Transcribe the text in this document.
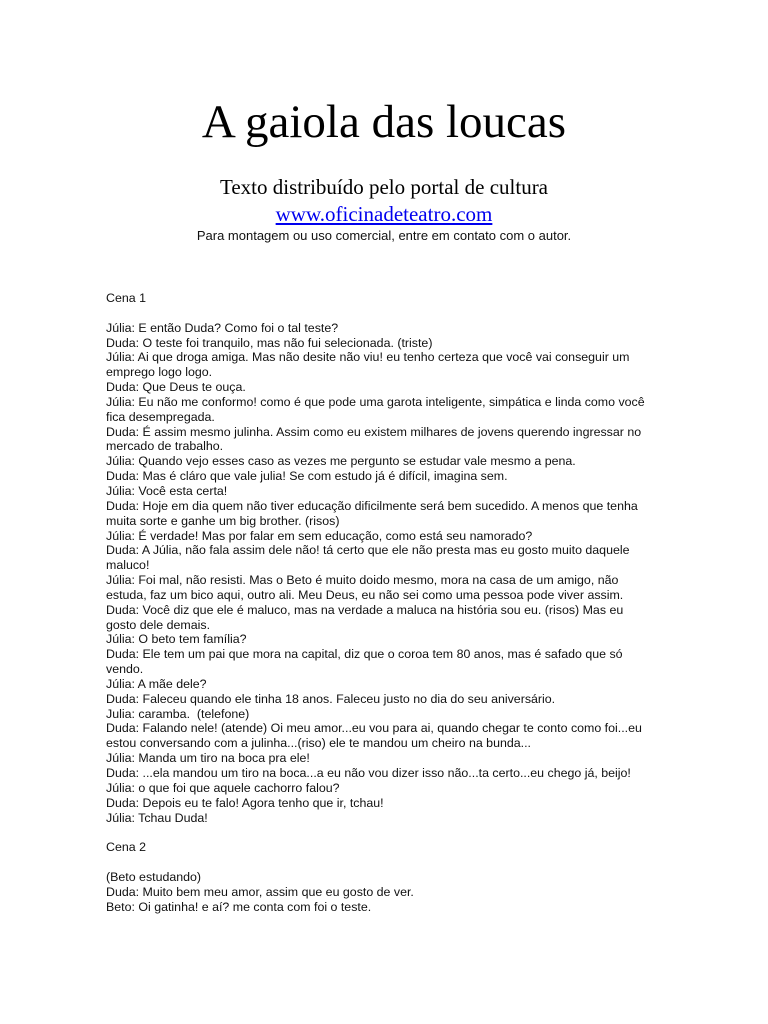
A gaiola das loucas
Texto distribuído pelo portal de cultura
www.oficinadeteatro.com
Para montagem ou uso comercial, entre em contato com o autor.
Cena 1
Júlia: E então Duda? Como foi o tal teste?
Duda: O teste foi tranquilo, mas não fui selecionada. (triste)
Júlia: Ai que droga amiga. Mas não desite não viu! eu tenho certeza que você vai conseguir um
emprego logo logo.
Duda: Que Deus te ouça.
Júlia: Eu não me conformo! como é que pode uma garota inteligente, simpática e linda como você
fica desempregada.
Duda: É assim mesmo julinha. Assim como eu existem milhares de jovens querendo ingressar no
mercado de trabalho.
Júlia: Quando vejo esses caso as vezes me pergunto se estudar vale mesmo a pena.
Duda: Mas é cláro que vale julia! Se com estudo já é difícil, imagina sem.
Júlia: Você esta certa!
Duda: Hoje em dia quem não tiver educação dificilmente será bem sucedido. A menos que tenha
muita sorte e ganhe um big brother. (risos)
Júlia: É verdade! Mas por falar em sem educação, como está seu namorado?
Duda: A Júlia, não fala assim dele não! tá certo que ele não presta mas eu gosto muito daquele
maluco!
Júlia: Foi mal, não resisti. Mas o Beto é muito doido mesmo, mora na casa de um amigo, não
estuda, faz um bico aqui, outro ali. Meu Deus, eu não sei como uma pessoa pode viver assim.
Duda: Você diz que ele é maluco, mas na verdade a maluca na história sou eu. (risos) Mas eu
gosto dele demais.
Júlia: O beto tem família?
Duda: Ele tem um pai que mora na capital, diz que o coroa tem 80 anos, mas é safado que só
vendo.
Júlia: A mãe dele?
Duda: Faleceu quando ele tinha 18 anos. Faleceu justo no dia do seu aniversário.
Julia: caramba.  (telefone)
Duda: Falando nele! (atende) Oi meu amor...eu vou para ai, quando chegar te conto como foi...eu
estou conversando com a julinha...(riso) ele te mandou um cheiro na bunda...
Júlia: Manda um tiro na boca pra ele!
Duda: ...ela mandou um tiro na boca...a eu não vou dizer isso não...ta certo...eu chego já, beijo!
Júlia: o que foi que aquele cachorro falou?
Duda: Depois eu te falo! Agora tenho que ir, tchau!
Júlia: Tchau Duda!
Cena 2
(Beto estudando)
Duda: Muito bem meu amor, assim que eu gosto de ver.
Beto: Oi gatinha! e aí? me conta com foi o teste.
